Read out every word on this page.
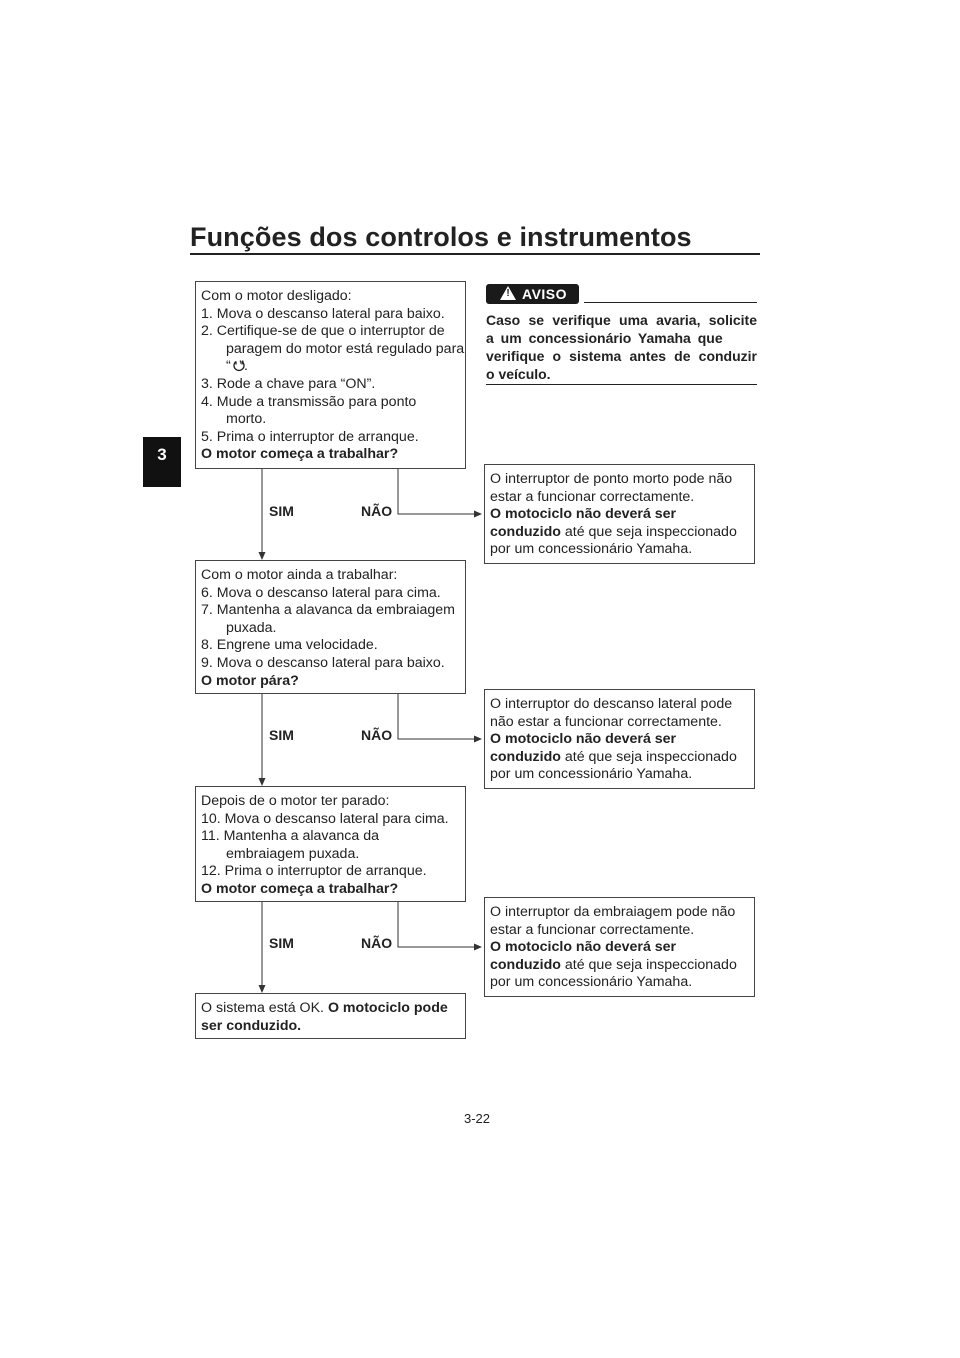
Funções dos controlos e instrumentos
3
Com o motor desligado:
1. Mova o descanso lateral para baixo.
2. Certifique-se de que o interruptor de
paragem do motor está regulado para
“   ”.
3. Rode a chave para “ON”.
4. Mude a transmissão para ponto
morto.
5. Prima o interruptor de arranque.
O motor começa a trabalhar?
! AVISO
Caso se verifique uma avaria, solicite
a um concessionário Yamaha que
verifique o sistema antes de conduzir
o veículo.
O interruptor de ponto morto pode não
estar a funcionar correctamente.
O motociclo não deverá ser
conduzido até que seja inspeccionado
por um concessionário Yamaha.
SIM	NÃO
Com o motor ainda a trabalhar:
6. Mova o descanso lateral para cima.
7. Mantenha a alavanca da embraiagem
puxada.
8. Engrene uma velocidade.
9. Mova o descanso lateral para baixo.
O motor pára?
O interruptor do descanso lateral pode
não estar a funcionar correctamente.
O motociclo não deverá ser
conduzido até que seja inspeccionado
por um concessionário Yamaha.
SIM	NÃO
Depois de o motor ter parado:
10. Mova o descanso lateral para cima.
11. Mantenha a alavanca da
embraiagem puxada.
12. Prima o interruptor de arranque.
O motor começa a trabalhar?
O interruptor da embraiagem pode não
estar a funcionar correctamente.
O motociclo não deverá ser
conduzido até que seja inspeccionado
por um concessionário Yamaha.
SIM	NÃO
O sistema está OK. O motociclo pode
ser conduzido.
3-22
